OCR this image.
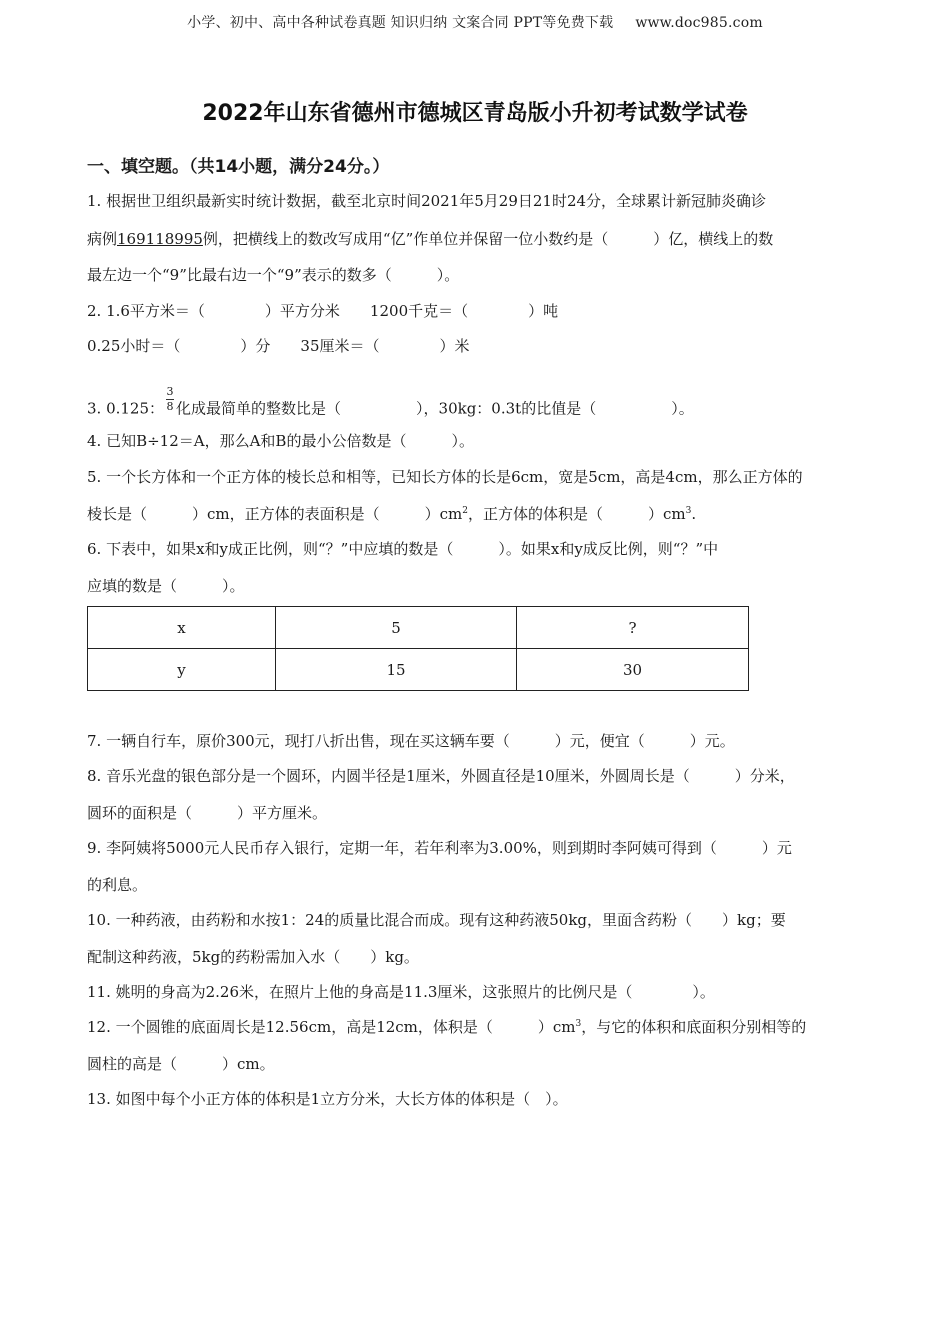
小学、初中、高中各种试卷真题 知识归纳 文案合同 PPT等免费下载 www.doc985.com
2022年山东省德州市德城区青岛版小升初考试数学试卷
一、填空题。（共14小题，满分24分。）
1. 根据世卫组织最新实时统计数据，截至北京时间2021年5月29日21时24分，全球累计新冠肺炎确诊
病例169118995例，把横线上的数改写成用“亿”作单位并保留一位小数约是（　　　）亿，横线上的数
最左边一个“9”比最右边一个“9”表示的数多（　　　）。
2. 1.6平方米＝（　　　　）平方分米　　1200千克＝（　　　　）吨
0.25小时＝（　　　　）分　　35厘米＝（　　　　）米
3. 0.125： $\frac{3}{8}$ 化成最简单的整数比是（　　　　　），30kg：0.3t的比值是（　　　　　）。
4. 已知B÷12＝A，那么A和B的最小公倍数是（　　　）。
5. 一个长方体和一个正方体的棱长总和相等，已知长方体的长是6cm，宽是5cm，高是4cm，那么正方体的
棱长是（　　　）cm，正方体的表面积是（　　　）$cm^2$，正方体的体积是（　　　）$cm^3$.
6. 下表中，如果x和y成正比例，则“？”中应填的数是（　　　）。如果x和y成反比例，则“？”中
应填的数是（　　　）。
x	5	?
y	15	30
7. 一辆自行车，原价300元，现打八折出售，现在买这辆车要（　　　）元，便宜（　　　）元。
8. 音乐光盘的银色部分是一个圆环，内圆半径是1厘米，外圆直径是10厘米，外圆周长是（　　　）分米，
圆环的面积是（　　　）平方厘米。
9. 李阿姨将5000元人民币存入银行，定期一年，若年利率为3.00%，则到期时李阿姨可得到（　　　）元
的利息。
10. 一种药液，由药粉和水按1：24的质量比混合而成。现有这种药液50kg，里面含药粉（　　）kg；要
配制这种药液，5kg的药粉需加入水（　　）kg。
11. 姚明的身高为2.26米，在照片上他的身高是11.3厘米，这张照片的比例尺是（　　　　）。
12. 一个圆锥的底面周长是12.56cm，高是12cm，体积是（　　　）$cm^3$，与它的体积和底面积分别相等的
圆柱的高是（　　　）cm。
13. 如图中每个小正方体的体积是1立方分米，大长方体的体积是（　）。
